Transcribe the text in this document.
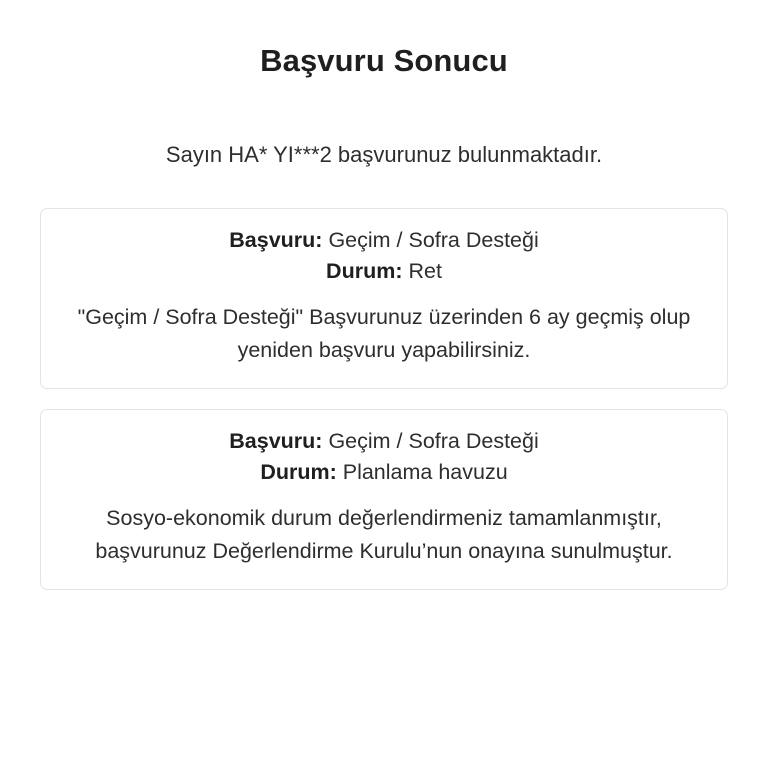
Başvuru Sonucu

Sayın HA* YI***2 başvurunuz bulunmaktadır.

Başvuru: Geçim / Sofra Desteği
Durum: Ret
"Geçim / Sofra Desteği" Başvurunuz üzerinden 6 ay geçmiş olup yeniden başvuru yapabilirsiniz.
Başvuru: Geçim / Sofra Desteği
Durum: Planlama havuzu
Sosyo-ekonomik durum değerlendirmeniz tamamlanmıştır, başvurunuz Değerlendirme Kurulu’nun onayına sunulmuştur.
